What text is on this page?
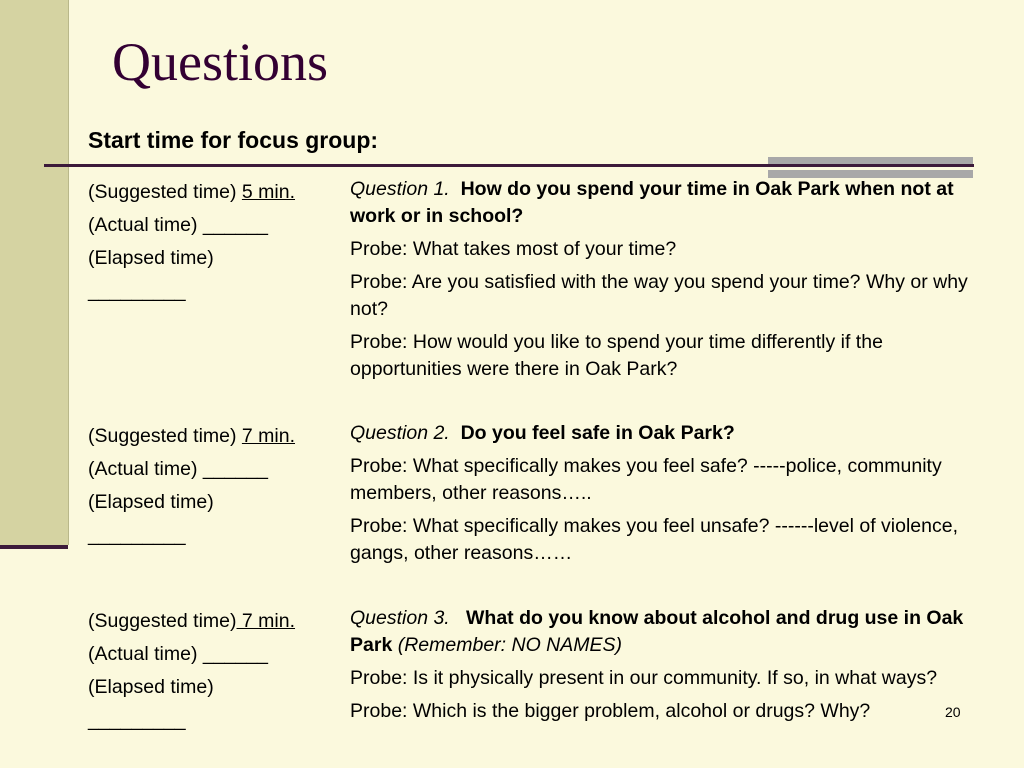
Questions
Start time for focus group:
(Suggested time) 5 min.
(Actual time) ______
(Elapsed time)
_________

Question 1. How do you spend your time in Oak Park when not at work or in school?

Probe: What takes most of your time?

Probe: Are you satisfied with the way you spend your time? Why or why not?

Probe: How would you like to spend your time differently if the opportunities were there in Oak Park?

(Suggested time) 7 min.
(Actual time) ______
(Elapsed time)
_________

Question 2. Do you feel safe in Oak Park?

Probe: What specifically makes you feel safe? -----police, community members, other reasons…..

Probe: What specifically makes you feel unsafe? ------level of violence, gangs, other reasons……

(Suggested time) 7 min.
(Actual time) ______
(Elapsed time)
_________

Question 3. What do you know about alcohol and drug use in Oak Park (Remember: NO NAMES)

Probe: Is it physically present in our community. If so, in what ways?

Probe: Which is the bigger problem, alcohol or drugs? Why?	20
